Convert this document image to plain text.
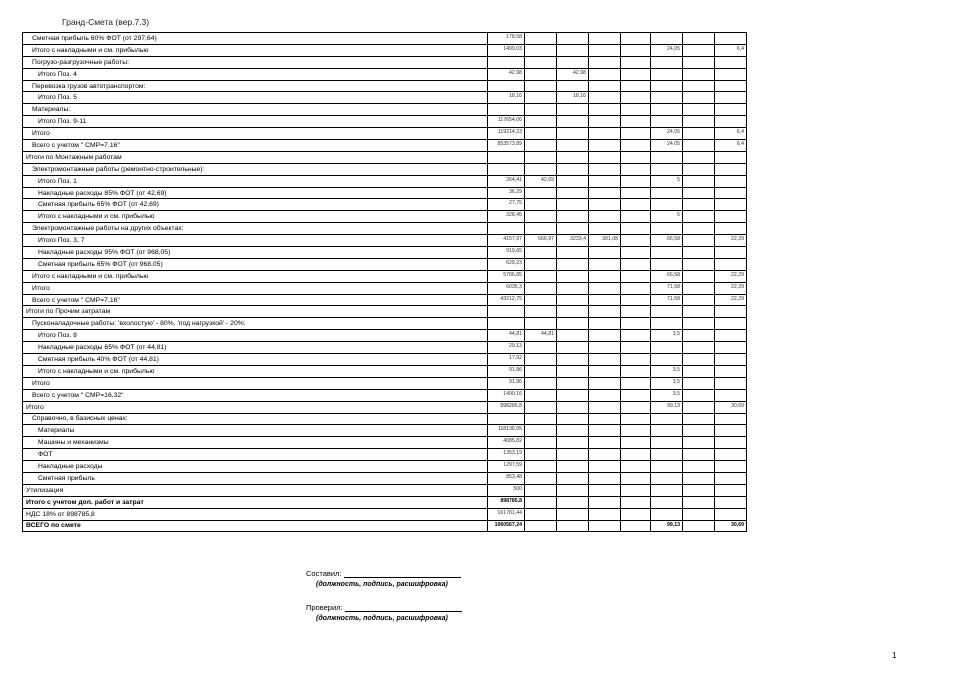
Гранд-Смета (вер.7.3)
Сметная прибыль 60% ФОТ (от 297,64)	178,58							
Итого с накладными и см. прибылью	1499,03					24,05		6,4
Погрузо-разгрузочные работы:								
Итого Поз. 4	42,98		42,98					
Перевозка грузов автотранспортом:								
Итого Поз. 5	18,16		18,16					
Материалы:								
Итого Поз. 9-11	117654,06							
Итого	119214,23					24,05		6,4
Всего с учетом " СМР=7,16"	853573,89					24,05		6,4
Итоги по Монтажным работам								
Электромонтажные работы (ремонтно-строительные):								
Итого Поз. 1	264,41	42,69				5		
Накладные расходы 85% ФОТ (от 42,69)	36,29							
Сметная прибыль 65% ФОТ (от 42,69)	27,75							
Итого с накладными и см. прибылью	328,45					5		
Электромонтажные работы на других объектах:								
Итого Поз. 3, 7	4157,97	666,97	3233,4	301,08		66,58		22,29
Накладные расходы 95% ФОТ (от 968,05)	919,65							
Сметная прибыль 65% ФОТ (от 968,05)	629,23							
Итого с накладными и см. прибылью	5706,85					66,58		22,29
Итого	6035,3					71,58		22,29
Всего с учетом " СМР=7,16"	43212,75					71,58		22,29
Итоги по Прочим затратам								
Пусконаладочные работы: 'вхолостую' - 80%, 'под нагрузкой' - 20%:								
Итого Поз. 8	44,81	44,81				3,5		
Накладные расходы 65% ФОТ (от 44,81)	29,13							
Сметная прибыль 40% ФОТ (от 44,81)	17,92							
Итого с накладными и см. прибылью	91,86					3,5		
Итого	91,86					3,5		
Всего с учетом " СМР=16,32"	1499,16					3,5		
Итого	898285,8					99,13		30,69
Справочно, в базисных ценах:								
Материалы	118136,95							
Машины и механизмы	4085,82							
ФОТ	1353,19							
Накладные расходы	1297,59							
Сметная прибыль	853,48							
Утилизация	500							
Итого с учетом доп. работ и затрат	898785,8							
НДС 18% от 898785,8	161781,44							
ВСЕГО по смете	1060567,24					99,13		30,69
Составил:
(должность, подпись, расшифровка)
Проверил:
(должность, подпись, расшифровка)
1
